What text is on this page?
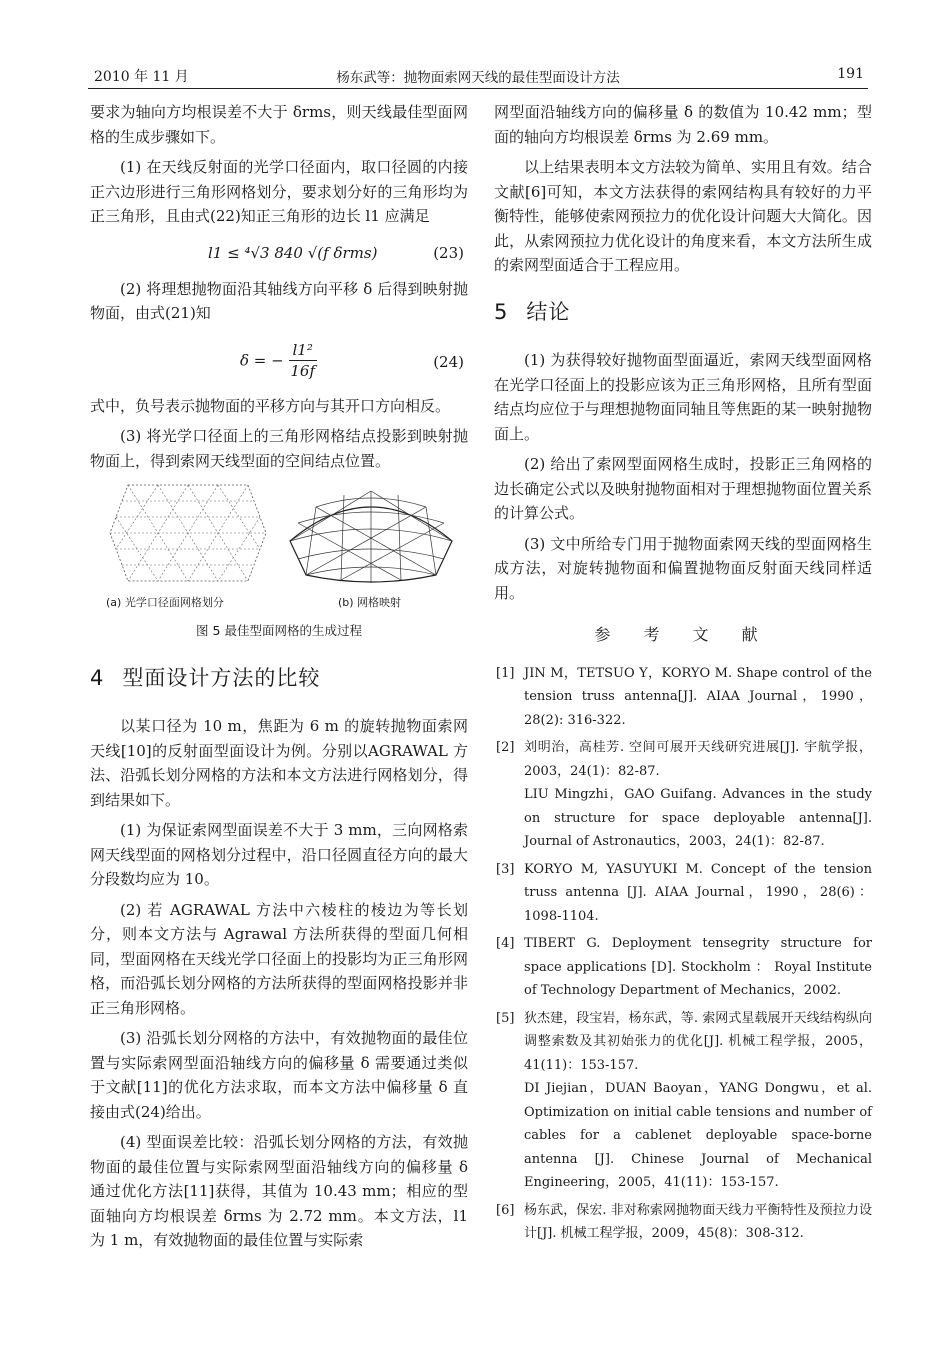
2010 年 11 月	杨东武等：抛物面索网天线的最佳型面设计方法	191

要求为轴向方均根误差不大于 δrms，则天线最佳型面网格的生成步骤如下。

(1) 在天线反射面的光学口径面内，取口径圆的内接正六边形进行三角形网格划分，要求划分好的三角形均为正三角形，且由式(22)知正三角形的边长 l1 应满足

l1 ≤ ⁴√3 840 √(f δrms)	(23)

(2) 将理想抛物面沿其轴线方向平移 δ 后得到映射抛物面，由式(21)知

δ = − $\frac{\text{l1²}}{16f}$	(24)

式中，负号表示抛物面的平移方向与其开口方向相反。

(3) 将光学口径面上的三角形网格结点投影到映射抛物面上，得到索网天线型面的空间结点位置。

(a) 光学口径面网格划分	(b) 网格映射

图 5 最佳型面网格的生成过程

4 型面设计方法的比较

以某口径为 10 m，焦距为 6 m 的旋转抛物面索网天线[10]的反射面型面设计为例。分别以AGRAWAL 方法、沿弧长划分网格的方法和本文方法进行网格划分，得到结果如下。

(1) 为保证索网型面误差不大于 3 mm，三向网格索网天线型面的网格划分过程中，沿口径圆直径方向的最大分段数均应为 10。

(2) 若 AGRAWAL 方法中六棱柱的棱边为等长划分，则本文方法与 Agrawal 方法所获得的型面几何相同，型面网格在天线光学口径面上的投影均为正三角形网格，而沿弧长划分网格的方法所获得的型面网格投影并非正三角形网格。

(3) 沿弧长划分网格的方法中，有效抛物面的最佳位置与实际索网型面沿轴线方向的偏移量 δ 需要通过类似于文献[11]的优化方法求取，而本文方法中偏移量 δ 直接由式(24)给出。

(4) 型面误差比较：沿弧长划分网格的方法，有效抛物面的最佳位置与实际索网型面沿轴线方向的偏移量 δ 通过优化方法[11]获得，其值为 10.43 mm；相应的型面轴向方均根误差 δrms 为 2.72 mm。本文方法，l1 为 1 m，有效抛物面的最佳位置与实际索

网型面沿轴线方向的偏移量 δ 的数值为 10.42 mm；型面的轴向方均根误差 δrms 为 2.69 mm。

以上结果表明本文方法较为简单、实用且有效。结合文献[6]可知，本文方法获得的索网结构具有较好的力平衡特性，能够使索网预拉力的优化设计问题大大简化。因此，从索网预拉力优化设计的角度来看，本文方法所生成的索网型面适合于工程应用。

5 结论

(1) 为获得较好抛物面型面逼近，索网天线型面网格在光学口径面上的投影应该为正三角形网格，且所有型面结点均应位于与理想抛物面同轴且等焦距的某一映射抛物面上。

(2) 给出了索网型面网格生成时，投影正三角网格的边长确定公式以及映射抛物面相对于理想抛物面位置关系的计算公式。

(3) 文中所给专门用于抛物面索网天线的型面网格生成方法，对旋转抛物面和偏置抛物面反射面天线同样适用。

参 考 文 献
[1] JIN M，TETSUO Y，KORYO M. Shape control of the tension truss antenna[J]. AIAA Journal，1990，28(2): 316-322.
[2] 刘明治，高桂芳. 空间可展开天线研究进展[J]. 宇航学报，2003，24(1)：82-87.
LIU Mingzhi，GAO Guifang. Advances in the study on structure for space deployable antenna[J]. Journal of Astronautics，2003，24(1)：82-87.
[3] KORYO M, YASUYUKI M. Concept of the tension truss antenna [J]. AIAA Journal，1990，28(6)：1098-1104.
[4] TIBERT G. Deployment tensegrity structure for space applications [D]. Stockholm ： Royal Institute of Technology Department of Mechanics，2002.
[5] 狄杰建，段宝岩，杨东武，等. 索网式星载展开天线结构纵向调整索数及其初始张力的优化[J]. 机械工程学报，2005，41(11)：153-157.
DI Jiejian，DUAN Baoyan，YANG Dongwu，et al. Optimization on initial cable tensions and number of cables for a cablenet deployable space-borne antenna [J]. Chinese Journal of Mechanical Engineering，2005，41(11)：153-157.
[6] 杨东武，保宏. 非对称索网抛物面天线力平衡特性及预拉力设计[J]. 机械工程学报，2009，45(8)：308-312.
